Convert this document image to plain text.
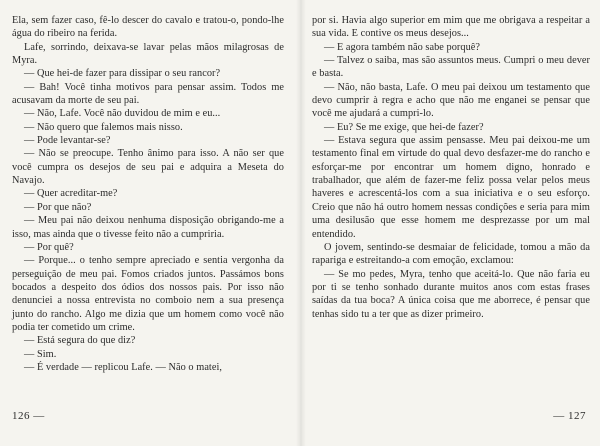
Ela, sem fazer caso, fê-lo descer do cavalo e tratou-o, pondo-lhe água do ribeiro na ferida.

Lafe, sorrindo, deixava-se lavar pelas mãos milagrosas de Myra.

— Que hei-de fazer para dissipar o seu rancor?

— Bah! Você tinha motivos para pensar assim. Todos me acusavam da morte de seu pai.

— Não, Lafe. Você não duvidou de mim e eu...

— Não quero que falemos mais nisso.

— Pode levantar-se?

— Não se preocupe. Tenho ânimo para isso. A não ser que você cumpra os desejos de seu pai e adquira a Meseta do Navajo.

— Quer acreditar-me?

— Por que não?

— Meu pai não deixou nenhuma disposição obrigando-me a isso, mas ainda que o tivesse feito não a cumpriria.

— Por quê?

— Porque... o tenho sempre apreciado e sentia vergonha da perseguição de meu pai. Fomos criados juntos. Passámos bons bocados a despeito dos ódios dos nossos pais. Por isso não denunciei a nossa entrevista no comboio nem a sua presença junto do rancho. Algo me dizia que um homem como você não podia ter cometido um crime.

— Está segura do que diz?

— Sim.

— É verdade — replicou Lafe. — Não o matei,

por si. Havia algo superior em mim que me obrigava a respeitar a sua vida. E contive os meus desejos...

— E agora também não sabe porquê?

— Talvez o saiba, mas são assuntos meus. Cumpri o meu dever e basta.

— Não, não basta, Lafe. O meu pai deixou um testamento que devo cumprir à regra e acho que não me enganei se pensar que você me ajudará a cumpri-lo.

— Eu? Se me exige, que hei-de fazer?

— Estava segura que assim pensasse. Meu pai deixou-me um testamento final em virtude do qual devo desfazer-me do rancho e esforçar-me por encontrar um homem digno, honrado e trabalhador, que além de fazer-me feliz possa velar pelos meus haveres e acrescentá-los com a sua iniciativa e o seu esforço. Creio que não há outro homem nessas condições e seria para mim uma desilusão que esse homem me desprezasse por um mal entendido.

O jovem, sentindo-se desmaiar de felicidade, tomou a mão da rapariga e estreitando-a com emoção, exclamou:

— Se mo pedes, Myra, tenho que aceitá-lo. Que não faria eu por ti se tenho sonhado durante muitos anos com estas frases saídas da tua boca? A única coisa que me aborrece, é pensar que tenhas sido tu a ter que as dizer primeiro.

126 —	— 127
